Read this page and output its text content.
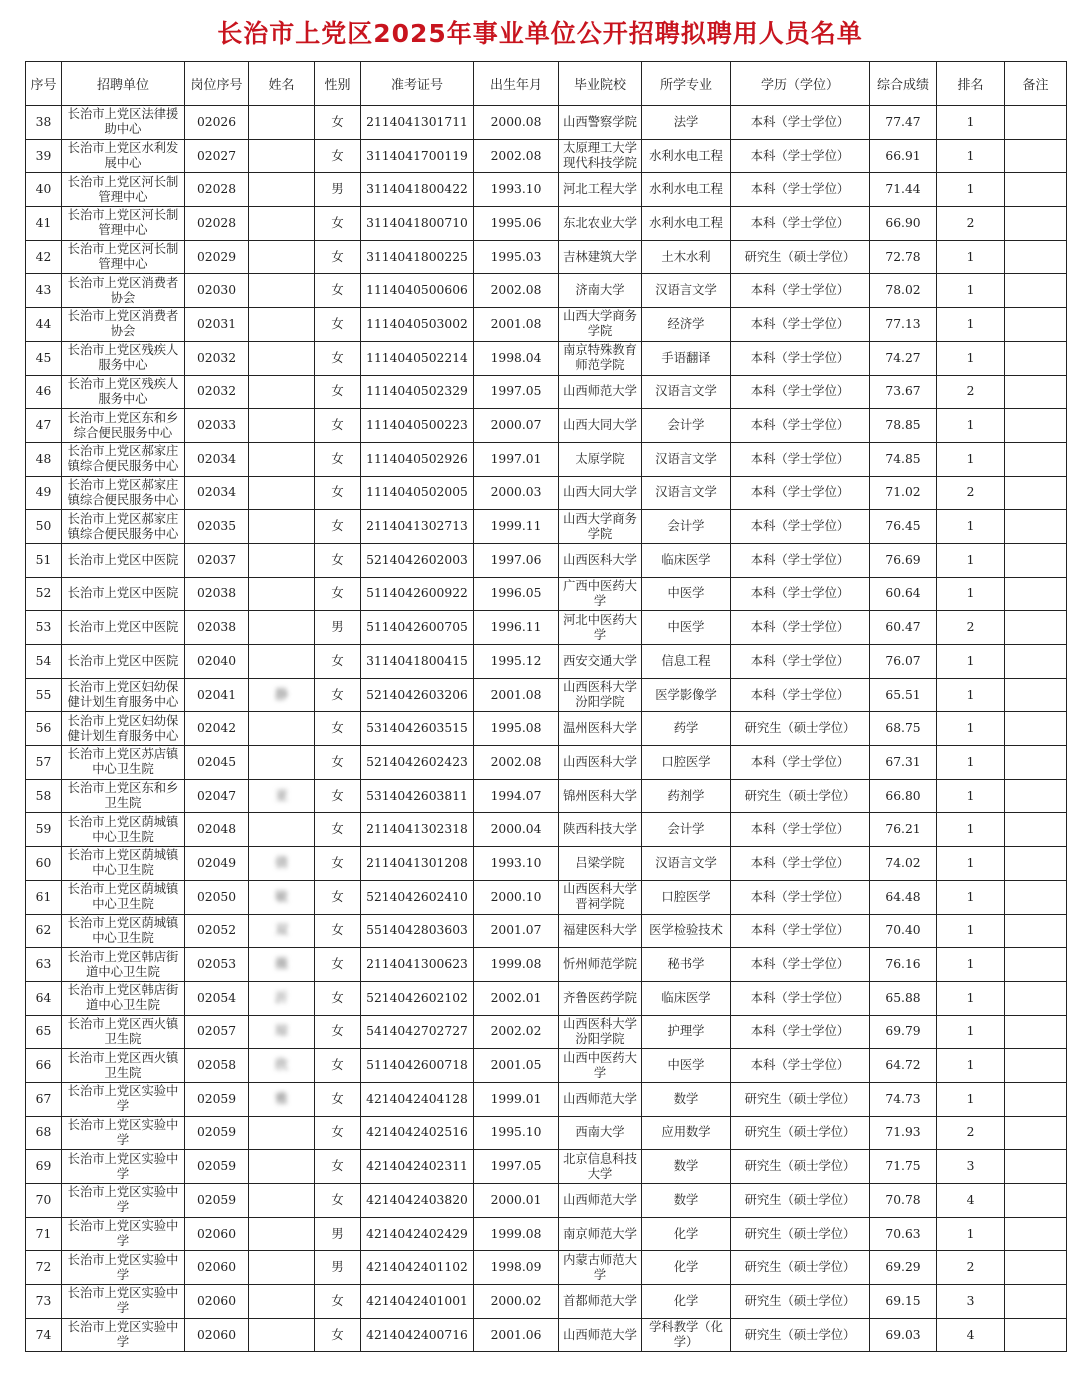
长治市上党区2025年事业单位公开招聘拟聘用人员名单
序号	招聘单位	岗位序号	姓名	性别	准考证号	出生年月	毕业院校	所学专业	学历（学位）	综合成绩	排名	备注
38	长治市上党区法律援助中心	02026		女	2114041301711	2000.08	山西警察学院	法学	本科（学士学位）	77.47	1	
39	长治市上党区水利发展中心	02027		女	3114041700119	2002.08	太原理工大学现代科技学院	水利水电工程	本科（学士学位）	66.91	1	
40	长治市上党区河长制管理中心	02028		男	3114041800422	1993.10	河北工程大学	水利水电工程	本科（学士学位）	71.44	1	
41	长治市上党区河长制管理中心	02028		女	3114041800710	1995.06	东北农业大学	水利水电工程	本科（学士学位）	66.90	2	
42	长治市上党区河长制管理中心	02029		女	3114041800225	1995.03	吉林建筑大学	土木水利	研究生（硕士学位）	72.78	1	
43	长治市上党区消费者协会	02030		女	1114040500606	2002.08	济南大学	汉语言文学	本科（学士学位）	78.02	1	
44	长治市上党区消费者协会	02031		女	1114040503002	2001.08	山西大学商务学院	经济学	本科（学士学位）	77.13	1	
45	长治市上党区残疾人服务中心	02032		女	1114040502214	1998.04	南京特殊教育师范学院	手语翻译	本科（学士学位）	74.27	1	
46	长治市上党区残疾人服务中心	02032		女	1114040502329	1997.05	山西师范大学	汉语言文学	本科（学士学位）	73.67	2	
47	长治市上党区东和乡综合便民服务中心	02033		女	1114040500223	2000.07	山西大同大学	会计学	本科（学士学位）	78.85	1	
48	长治市上党区郝家庄镇综合便民服务中心	02034		女	1114040502926	1997.01	太原学院	汉语言文学	本科（学士学位）	74.85	1	
49	长治市上党区郝家庄镇综合便民服务中心	02034		女	1114040502005	2000.03	山西大同大学	汉语言文学	本科（学士学位）	71.02	2	
50	长治市上党区郝家庄镇综合便民服务中心	02035		女	2114041302713	1999.11	山西大学商务学院	会计学	本科（学士学位）	76.45	1	
51	长治市上党区中医院	02037		女	5214042602003	1997.06	山西医科大学	临床医学	本科（学士学位）	76.69	1	
52	长治市上党区中医院	02038		女	5114042600922	1996.05	广西中医药大学	中医学	本科（学士学位）	60.64	1	
53	长治市上党区中医院	02038		男	5114042600705	1996.11	河北中医药大学	中医学	本科（学士学位）	60.47	2	
54	长治市上党区中医院	02040		女	3114041800415	1995.12	西安交通大学	信息工程	本科（学士学位）	76.07	1	
55	长治市上党区妇幼保健计划生育服务中心	02041	静	女	5214042603206	2001.08	山西医科大学汾阳学院	医学影像学	本科（学士学位）	65.51	1	
56	长治市上党区妇幼保健计划生育服务中心	02042		女	5314042603515	1995.08	温州医科大学	药学	研究生（硕士学位）	68.75	1	
57	长治市上党区苏店镇中心卫生院	02045		女	5214042602423	2002.08	山西医科大学	口腔医学	本科（学士学位）	67.31	1	
58	长治市上党区东和乡卫生院	02047	亚	女	5314042603811	1994.07	锦州医科大学	药剂学	研究生（硕士学位）	66.80	1	
59	长治市上党区荫城镇中心卫生院	02048		女	2114041302318	2000.04	陕西科技大学	会计学	本科（学士学位）	76.21	1	
60	长治市上党区荫城镇中心卫生院	02049	倩	女	2114041301208	1993.10	吕梁学院	汉语言文学	本科（学士学位）	74.02	1	
61	长治市上党区荫城镇中心卫生院	02050	敏	女	5214042602410	2000.10	山西医科大学晋祠学院	口腔医学	本科（学士学位）	64.48	1	
62	长治市上党区荫城镇中心卫生院	02052	双	女	5514042803603	2001.07	福建医科大学	医学检验技术	本科（学士学位）	70.40	1	
63	长治市上党区韩店街道中心卫生院	02053	薇	女	2114041300623	1999.08	忻州师范学院	秘书学	本科（学士学位）	76.16	1	
64	长治市上党区韩店街道中心卫生院	02054	沂	女	5214042602102	2002.01	齐鲁医药学院	临床医学	本科（学士学位）	65.88	1	
65	长治市上党区西火镇卫生院	02057	琼	女	5414042702727	2002.02	山西医科大学汾阳学院	护理学	本科（学士学位）	69.79	1	
66	长治市上党区西火镇卫生院	02058	欣	女	5114042600718	2001.05	山西中医药大学	中医学	本科（学士学位）	64.72	1	
67	长治市上党区实验中学	02059	雅	女	4214042404128	1999.01	山西师范大学	数学	研究生（硕士学位）	74.73	1	
68	长治市上党区实验中学	02059		女	4214042402516	1995.10	西南大学	应用数学	研究生（硕士学位）	71.93	2	
69	长治市上党区实验中学	02059		女	4214042402311	1997.05	北京信息科技大学	数学	研究生（硕士学位）	71.75	3	
70	长治市上党区实验中学	02059		女	4214042403820	2000.01	山西师范大学	数学	研究生（硕士学位）	70.78	4	
71	长治市上党区实验中学	02060		男	4214042402429	1999.08	南京师范大学	化学	研究生（硕士学位）	70.63	1	
72	长治市上党区实验中学	02060		男	4214042401102	1998.09	内蒙古师范大学	化学	研究生（硕士学位）	69.29	2	
73	长治市上党区实验中学	02060		女	4214042401001	2000.02	首都师范大学	化学	研究生（硕士学位）	69.15	3	
74	长治市上党区实验中学	02060		女	4214042400716	2001.06	山西师范大学	学科教学（化学）	研究生（硕士学位）	69.03	4	
